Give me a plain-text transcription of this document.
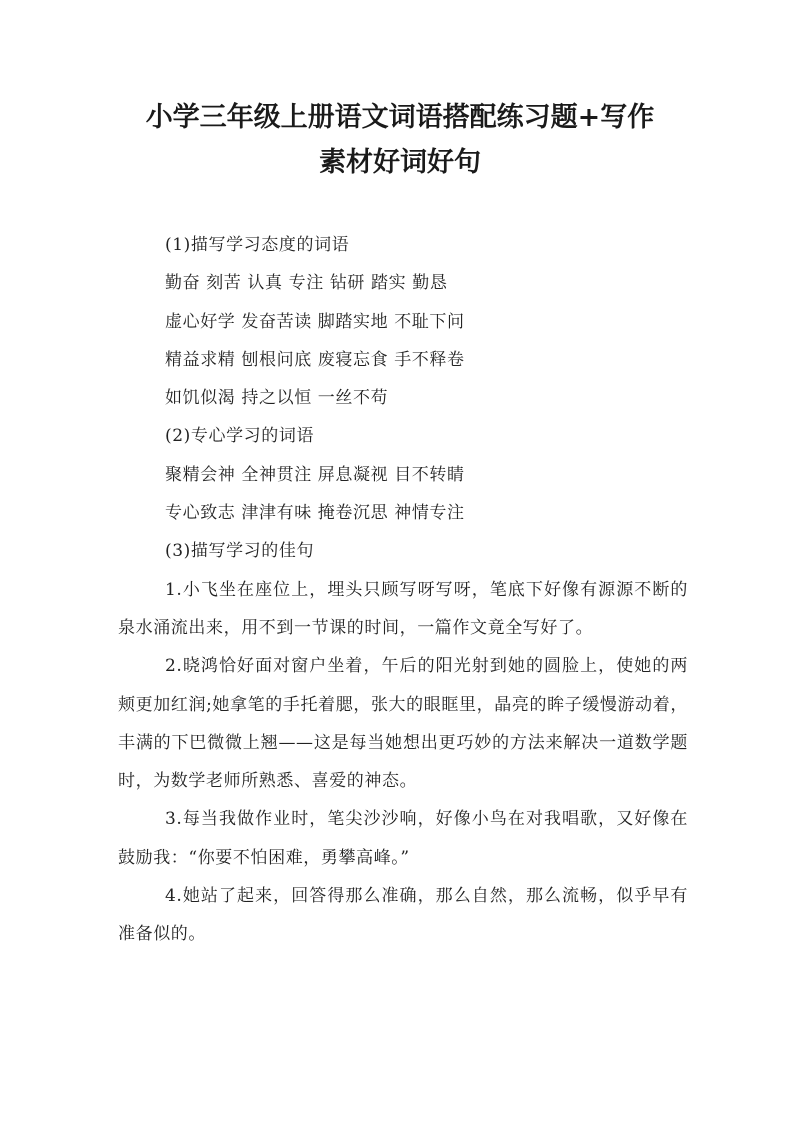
小学三年级上册语文词语搭配练习题+写作
素材好词好句

(1)描写学习态度的词语

勤奋 刻苦 认真 专注 钻研 踏实 勤恳

虚心好学 发奋苦读 脚踏实地 不耻下问

精益求精 刨根问底 废寝忘食 手不释卷

如饥似渴 持之以恒 一丝不苟

(2)专心学习的词语

聚精会神 全神贯注 屏息凝视 目不转睛

专心致志 津津有味 掩卷沉思 神情专注

(3)描写学习的佳句

1.小飞坐在座位上，埋头只顾写呀写呀，笔底下好像有源源不断的泉水涌流出来，用不到一节课的时间，一篇作文竟全写好了。

2.晓鸿恰好面对窗户坐着，午后的阳光射到她的圆脸上，使她的两颊更加红润;她拿笔的手托着腮，张大的眼眶里，晶亮的眸子缓慢游动着，丰满的下巴微微上翘——这是每当她想出更巧妙的方法来解决一道数学题时，为数学老师所熟悉、喜爱的神态。

3.每当我做作业时，笔尖沙沙响，好像小鸟在对我唱歌，又好像在鼓励我：“你要不怕困难，勇攀高峰。”

4.她站了起来，回答得那么准确，那么自然，那么流畅，似乎早有准备似的。
